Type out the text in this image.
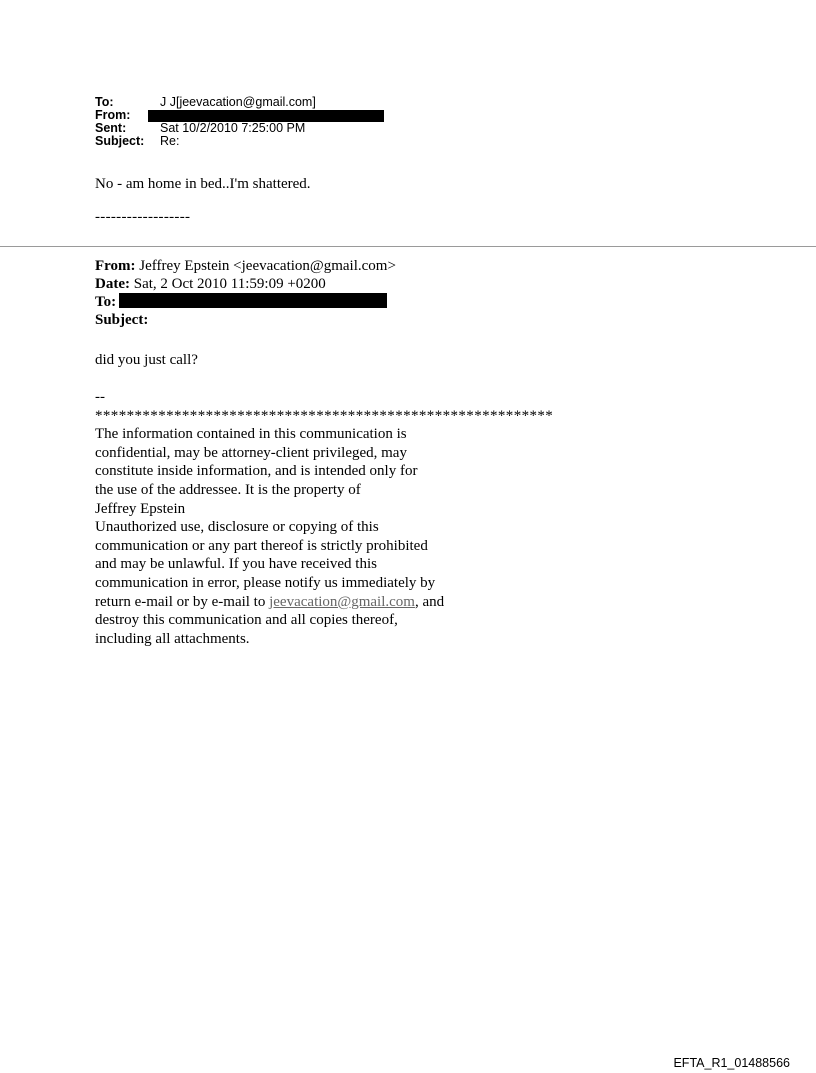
To:	J J[jeevacation@gmail.com]
From:
Sent:	Sat 10/2/2010 7:25:00 PM
Subject:	Re:
No - am home in bed..I'm shattered.
------------------
From: Jeffrey Epstein <jeevacation@gmail.com>
Date: Sat, 2 Oct 2010 11:59:09 +0200
To:
Subject:
did you just call?
--
**********************************************************
The information contained in this communication is
confidential, may be attorney-client privileged, may
constitute inside information, and is intended only for
the use of the addressee. It is the property of
Jeffrey Epstein
Unauthorized use, disclosure or copying of this
communication or any part thereof is strictly prohibited
and may be unlawful. If you have received this
communication in error, please notify us immediately by
return e-mail or by e-mail to jeevacation@gmail.com, and
destroy this communication and all copies thereof,
including all attachments.
EFTA_R1_01488566
